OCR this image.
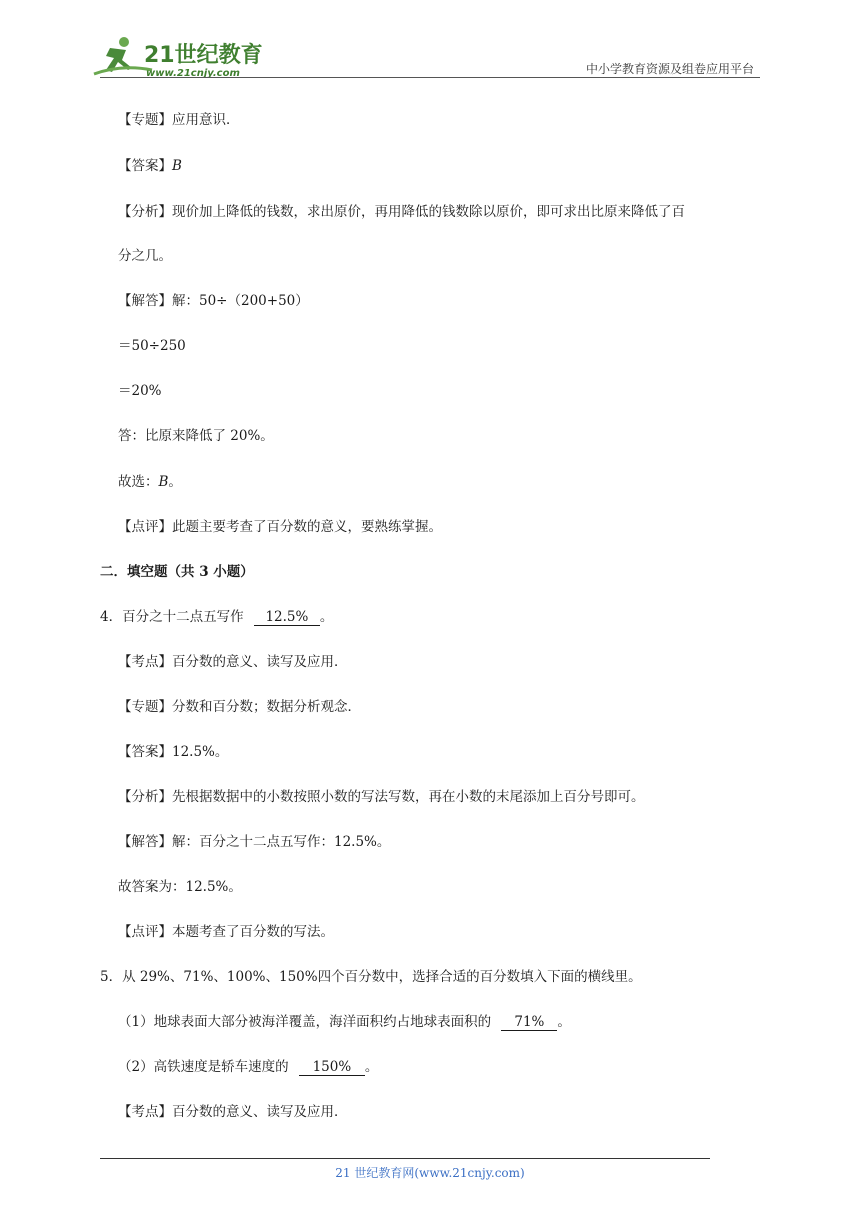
21世纪教育
www.21cnjy.com	中小学教育资源及组卷应用平台
【专题】应用意识．
【答案】B
【分析】现价加上降低的钱数，求出原价，再用降低的钱数除以原价，即可求出比原来降低了百
分之几。
【解答】解：50÷（200+50）
＝50÷250
＝20%
答：比原来降低了 20%。
故选：B。
【点评】此题主要考查了百分数的意义，要熟练掌握。
二．填空题（共 3 小题）
4．百分之十二点五写作 12.5% 。
【考点】百分数的意义、读写及应用．
【专题】分数和百分数；数据分析观念．
【答案】12.5%。
【分析】先根据数据中的小数按照小数的写法写数，再在小数的末尾添加上百分号即可。
【解答】解：百分之十二点五写作：12.5%。
故答案为：12.5%。
【点评】本题考查了百分数的写法。
5．从 29%、71%、100%、150%四个百分数中，选择合适的百分数填入下面的横线里。
（1）地球表面大部分被海洋覆盖，海洋面积约占地球表面积的 71% 。
（2）高铁速度是轿车速度的 150% 。
【考点】百分数的意义、读写及应用．
21 世纪教育网(www.21cnjy.com)
